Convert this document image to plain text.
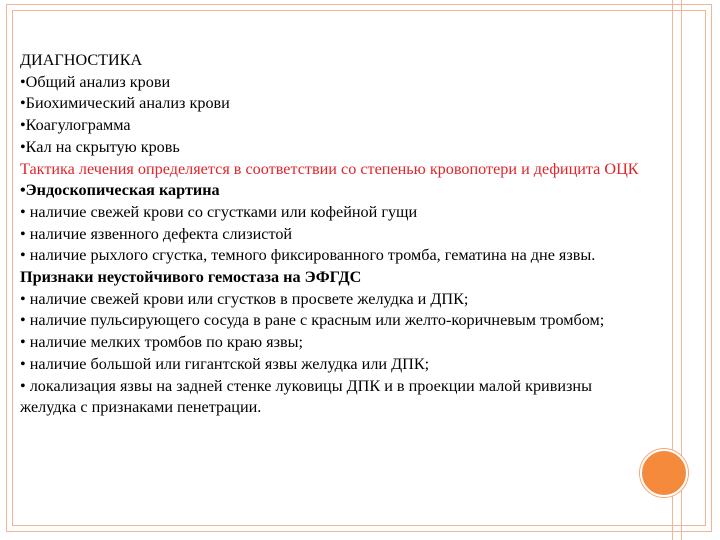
ДИАГНОСТИКА
•Общий анализ крови
•Биохимический анализ крови
•Коагулограмма
•Кал на скрытую кровь
Тактика лечения определяется в соответствии со степенью кровопотери и дефицита ОЦК
•Эндоскопическая картина
• наличие свежей крови со сгустками или кофейной гущи
• наличие язвенного дефекта слизистой
• наличие рыхлого сгустка, темного фиксированного тромба, гематина на дне язвы.
Признаки неустойчивого гемостаза на ЭФГДС
• наличие свежей крови или сгустков в просвете желудка и ДПК;
• наличие пульсирующего сосуда в ране с красным или желто-коричневым тромбом;
• наличие мелких тромбов по краю язвы;
• наличие большой или гигантской язвы желудка или ДПК;
• локализация язвы на задней стенке луковицы ДПК и в проекции малой кривизны
желудка с признаками пенетрации.
